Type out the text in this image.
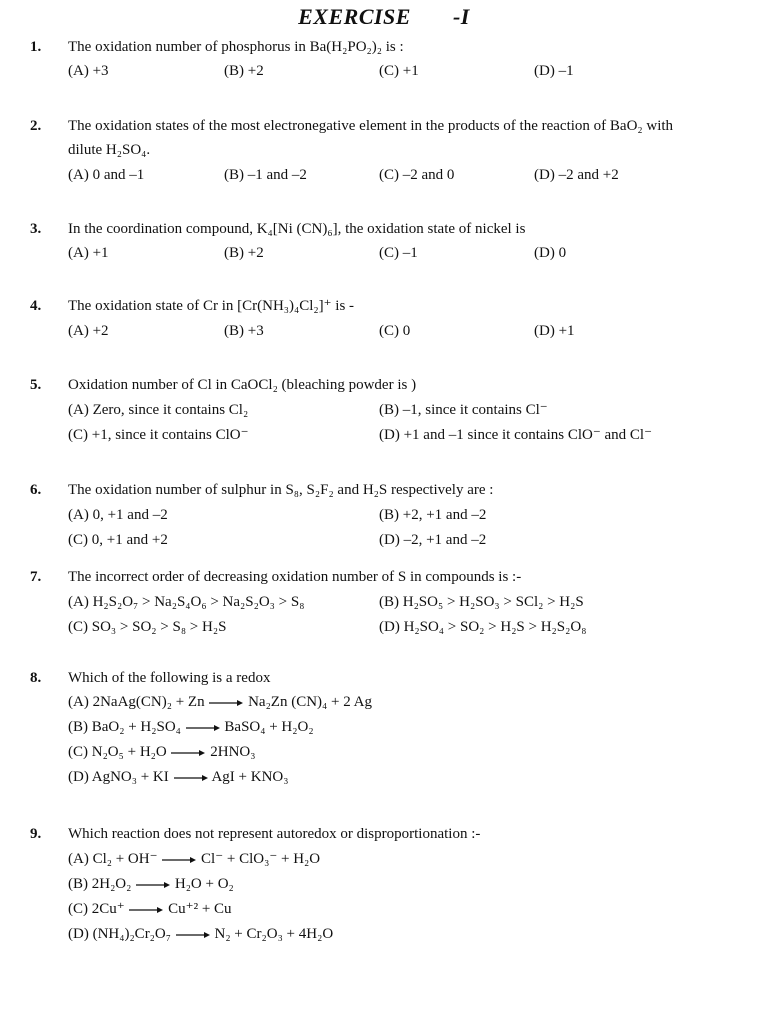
EXERCISE -I
1. The oxidation number of phosphorus in Ba(H₂PO₂)₂ is :
(A) +3	(B) +2	(C) +1	(D) –1
2. The oxidation states of the most electronegative element in the products of the reaction of BaO₂ with
dilute H₂SO₄.
(A) 0 and –1	(B) –1 and –2	(C) –2 and 0	(D) –2 and +2
3. In the coordination compound, K₄[Ni (CN)₆], the oxidation state of nickel is
(A) +1	(B) +2	(C) –1	(D) 0
4. The oxidation state of Cr in [Cr(NH₃)₄Cl₂]⁺ is -
(A) +2	(B) +3	(C) 0	(D) +1
5. Oxidation number of Cl in CaOCl₂ (bleaching powder is )
(A) Zero, since it contains Cl₂	(B) –1, since it contains Cl⁻
(C) +1, since it contains ClO⁻	(D) +1 and –1 since it contains ClO⁻ and Cl⁻
6. The oxidation number of sulphur in S₈, S₂F₂ and H₂S respectively are :
(A) 0, +1 and –2	(B) +2, +1 and –2
(C) 0, +1 and +2	(D) –2, +1 and –2
7. The incorrect order of decreasing oxidation number of S in compounds is :-
(A) H₂S₂O₇ > Na₂S₄O₆ > Na₂S₂O₃ > S₈	(B) H₂SO₅ > H₂SO₃ > SCl₂ > H₂S
(C) SO₃ > SO₂ > S₈ > H₂S	(D) H₂SO₄ > SO₂ > H₂S > H₂S₂O₈
8. Which of the following is a redox
(A) 2NaAg(CN)₂ + Zn → Na₂Zn (CN)₄ + 2 Ag
(B) BaO₂ + H₂SO₄ → BaSO₄ + H₂O₂
(C) N₂O₅ + H₂O → 2HNO₃
(D) AgNO₃ + KI → AgI + KNO₃
9. Which reaction does not represent autoredox or disproportionation :-
(A) Cl₂ + OH⁻ → Cl⁻ + ClO₃⁻ + H₂O
(B) 2H₂O₂ → H₂O + O₂
(C) 2Cu⁺ → Cu⁺² + Cu
(D) (NH₄)₂Cr₂O₇ → N₂ + Cr₂O₃ + 4H₂O
